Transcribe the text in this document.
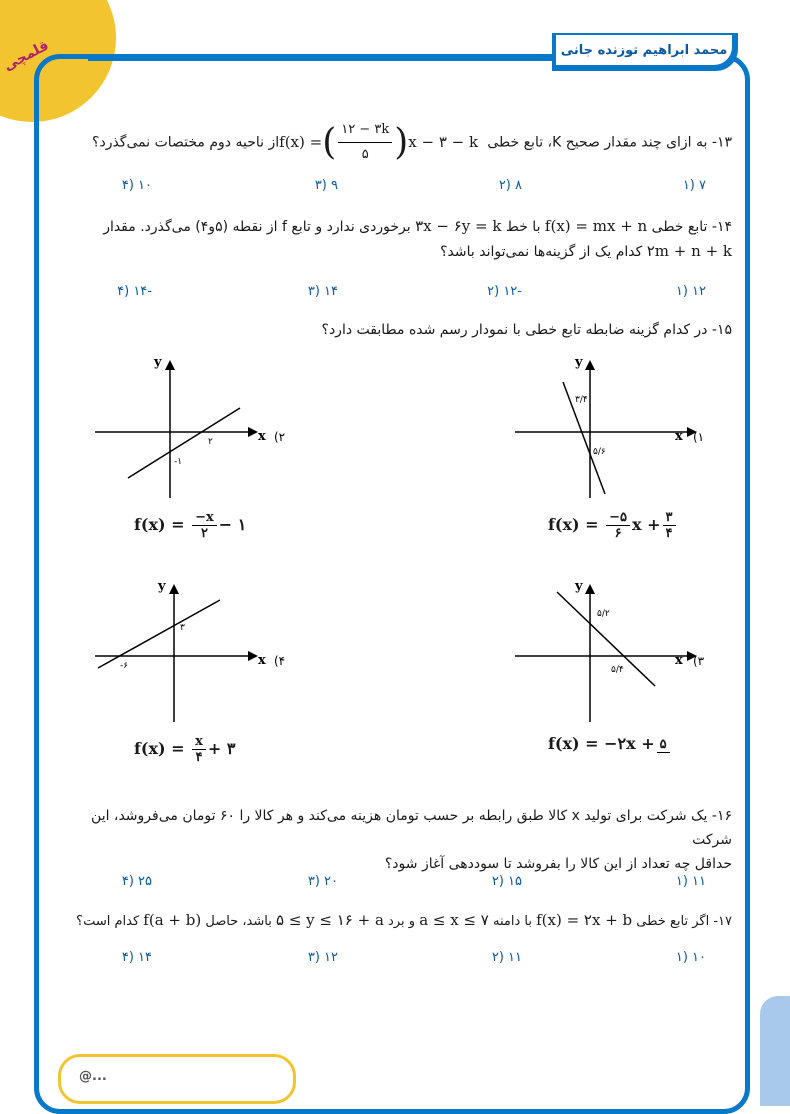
قلمچی	محمد ابراهیم توزنده جانی
@...
۱۳- به ازای چند مقدار صحیح K، تابع خطی f(x) =( $\frac{۱۲ - ۳k}{۵} )x$ − ۳ − k از ناحیه دوم مختصات نمی‌گذرد؟
۷ (۱
۸ (۲
۹ (۳
۱۰ (۴
۱۴- تابع خطی f(x) = mx + n با خط ۳x − ۶y = k برخوردی ندارد و تابع f از نقطه (۵و۴) می‌گذرد. مقدار
۲m + n + k کدام یک از گزینه‌ها نمی‌تواند باشد؟
۱۲ (۱
-۱۲ (۲
۱۴ (۳
-۱۴ (۴
۱۵- در کدام گزینه ضابطه تابع خطی با نمودار رسم شده مطابقت دارد؟
y
x (۱
۳/۴
۵/۶
$f(x) = \frac{-۵}{۶}$ $x + \frac{۳}{۴}$
y
x (۲
-۱
۲
$f(x) = \frac{-x}{۲}$ − ۱
y
x (۳
۵/۲
۵/۴
f(x) = −۲x + ۵
y
x (۴
۳
-۶
$f(x) = \frac{x}{۴}$ + ۳
۱۶- یک شرکت برای تولید x کالا طبق رابطه بر حسب تومان هزینه می‌کند و هر کالا را ۶۰ تومان می‌فروشد، این شرکت
حداقل چه تعداد از این کالا را بفروشد تا سوددهی آغاز شود؟
۱۱ (۱
۱۵ (۲
۲۰ (۳
۲۵ (۴
۱۷- اگر تابع خطی f(x) = ۲x + b با دامنه a ≤ x ≤ ۷ و برد ۵ ≤ y ≤ ۱۶ + a باشد، حاصل f(a + b) کدام است؟
۱۰ (۱
۱۱ (۲
۱۲ (۳
۱۴ (۴
